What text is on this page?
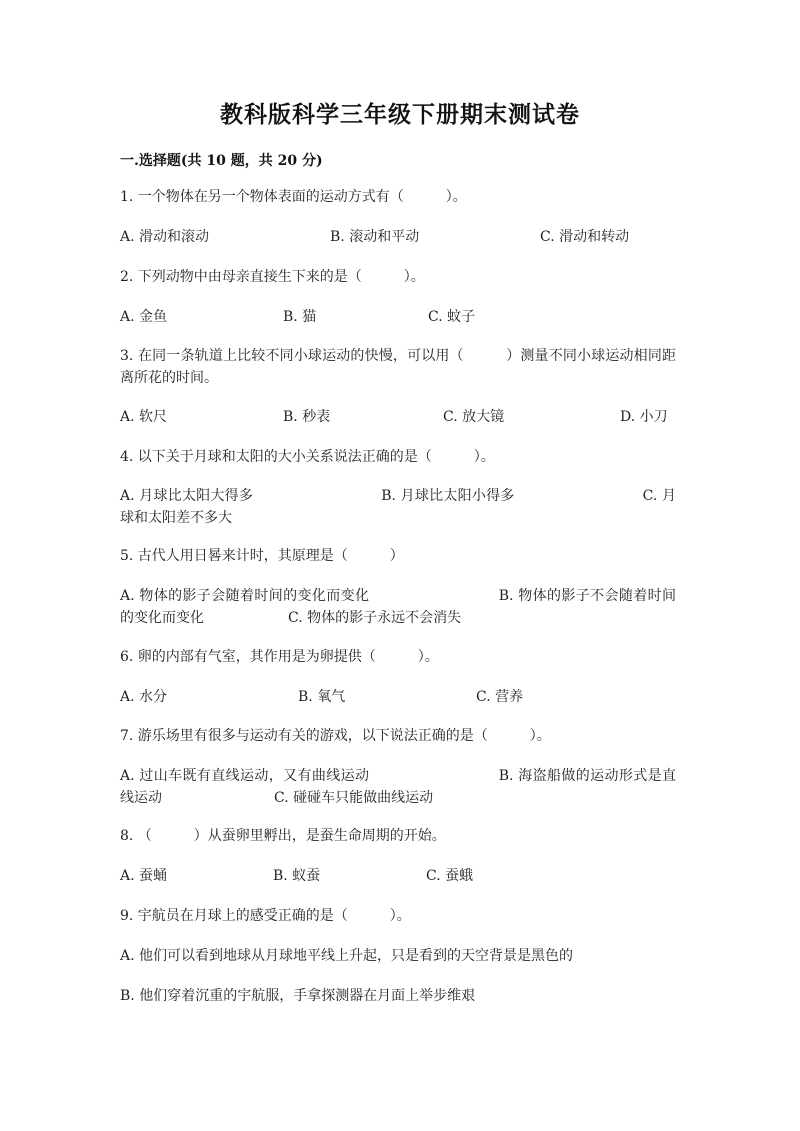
教科版科学三年级下册期末测试卷
一.选择题(共 10 题，共 20 分)
1. 一个物体在另一个物体表面的运动方式有（　　　）。
A. 滑动和滚动	B. 滚动和平动	C. 滑动和转动
2. 下列动物中由母亲直接生下来的是（　　　）。
A. 金鱼	B. 猫	C. 蚊子
3. 在同一条轨道上比较不同小球运动的快慢，可以用（　　　）测量不同小球运动相同距离所花的时间。
A. 软尺	B. 秒表	C. 放大镜	D. 小刀
4. 以下关于月球和太阳的大小关系说法正确的是（　　　）。
A. 月球比太阳大得多　　　　　　　　　B. 月球比太阳小得多　　　　　　　　　C. 月球和太阳差不多大
5. 古代人用日晷来计时，其原理是（　　　）
A. 物体的影子会随着时间的变化而变化　　　　　　　　　B. 物体的影子不会随着时间的变化而变化　　　　　　C. 物体的影子永远不会消失
6. 卵的内部有气室，其作用是为卵提供（　　　）。
A. 水分	B. 氧气	C. 营养
7. 游乐场里有很多与运动有关的游戏，以下说法正确的是（　　　）。
A. 过山车既有直线运动，又有曲线运动　　　　　　　　　B. 海盗船做的运动形式是直线运动　　　　　　　　C. 碰碰车只能做曲线运动
8. （　　　）从蚕卵里孵出，是蚕生命周期的开始。
A. 蚕蛹	B. 蚁蚕	C. 蚕蛾
9. 宇航员在月球上的感受正确的是（　　　）。
A. 他们可以看到地球从月球地平线上升起，只是看到的天空背景是黑色的
B. 他们穿着沉重的宇航服，手拿探测器在月面上举步维艰
